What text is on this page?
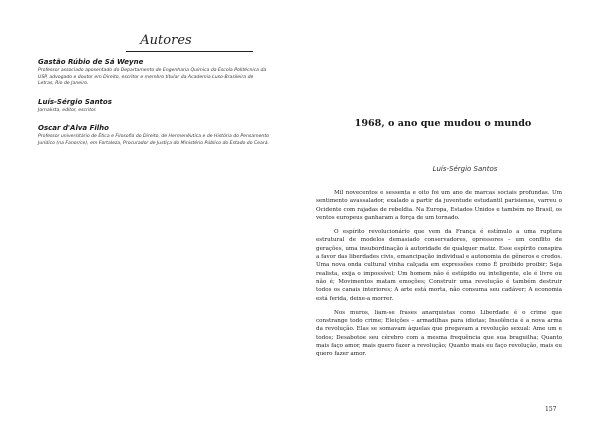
Autores

Gastão Rúbio de Sá Weyne

Professor associado aposentado do Departamento de Engenharia Química da Escola Politécnica da USP, advogado e doutor em Direito, escritor e membro titular da Academia Luso-Brasileira de Letras, Rio de Janeiro.

Luís-Sérgio Santos

Jornalista, editor, escritor.

Oscar d'Alva Filho

Professor universitário de Ética e Filosofia do Direito, de Hermenêutica e de História do Pensamento Jurídico (na Fanor/ce), em Fortaleza, Procurador de Justiça do Ministério Público do Estado do Ceará.

1968, o ano que mudou o mundo
Luís-Sérgio Santos

Mil novecentos e sessenta e oito foi um ano de marcas sociais profundas. Um sentimento avassalador, exalado a partir da juventude estudantil parisiense, varreu o Ocidente com rajadas de rebeldia. Na Europa, Estados Unidos e também no Brasil, os ventos europeus ganharam a força de um tornado.

O espírito revolucionário que vem da França é estímulo a uma ruptura estrutural de modelos demasiado conservadores, opressores – um conflito de gerações, uma insubordinação à autoridade de qualquer matiz. Esse espírito conspira a favor das liberdades civis, emancipação individual e autonomia de gêneros e credos. Uma nova onda cultural vinha calçada em expressões como É proibido proibir; Seja realista, exija o impossível; Um homem não é estúpido ou inteligente, ele é livre ou não é; Movimentos matam emoções; Construir uma revolução é também destruir todos os canais interiores; A arte está morta, não consuma seu cadáver; A economia está ferida, deixe-a morrer.

Nos muros, liam-se frases anarquistas como Liberdade é o crime que constrange todo crime; Eleições – armadilhas para idiotas; Insolência é a nova arma da revolução. Elas se somavam àquelas que pregavam a revolução sexual: Ame um e todos; Desabotoe seu cérebro com a mesma frequência que sua braguilha; Quanto mais faço amor, mais quero fazer a revolução; Quanto mais eu faço revolução, mais eu quero fazer amor.

157
